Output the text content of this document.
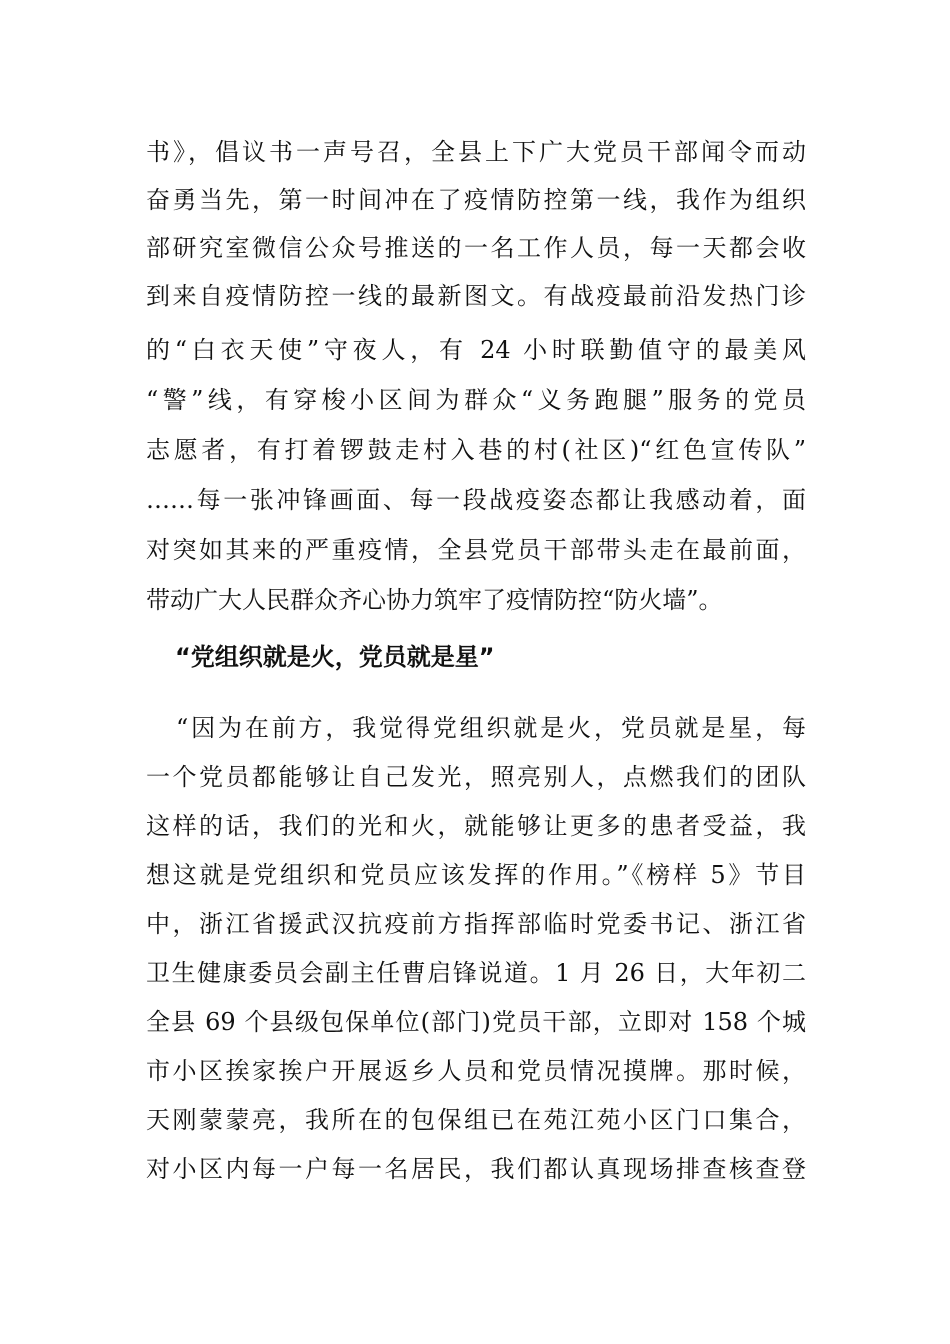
书》，倡议书一声号召，全县上下广大党员干部闻令而动
奋勇当先，第一时间冲在了疫情防控第一线，我作为组织
部研究室微信公众号推送的一名工作人员，每一天都会收
到来自疫情防控一线的最新图文。有战疫最前沿发热门诊
的“白衣天使”守夜人，有 24 小时联勤值守的最美风
“警”线，有穿梭小区间为群众“义务跑腿”服务的党员
志愿者，有打着锣鼓走村入巷的村(社区)“红色宣传队”
……每一张冲锋画面、每一段战疫姿态都让我感动着，面
对突如其来的严重疫情，全县党员干部带头走在最前面，
带动广大人民群众齐心协力筑牢了疫情防控“防火墙”。
“党组织就是火，党员就是星”
“因为在前方，我觉得党组织就是火，党员就是星，每
一个党员都能够让自己发光，照亮别人，点燃我们的团队
这样的话，我们的光和火，就能够让更多的患者受益，我
想这就是党组织和党员应该发挥的作用。”《榜样 5》节目
中，浙江省援武汉抗疫前方指挥部临时党委书记、浙江省
卫生健康委员会副主任曹启锋说道。1 月 26 日，大年初二
全县 69 个县级包保单位(部门)党员干部，立即对 158 个城
市小区挨家挨户开展返乡人员和党员情况摸牌。那时候，
天刚蒙蒙亮，我所在的包保组已在苑江苑小区门口集合，
对小区内每一户每一名居民，我们都认真现场排查核查登
